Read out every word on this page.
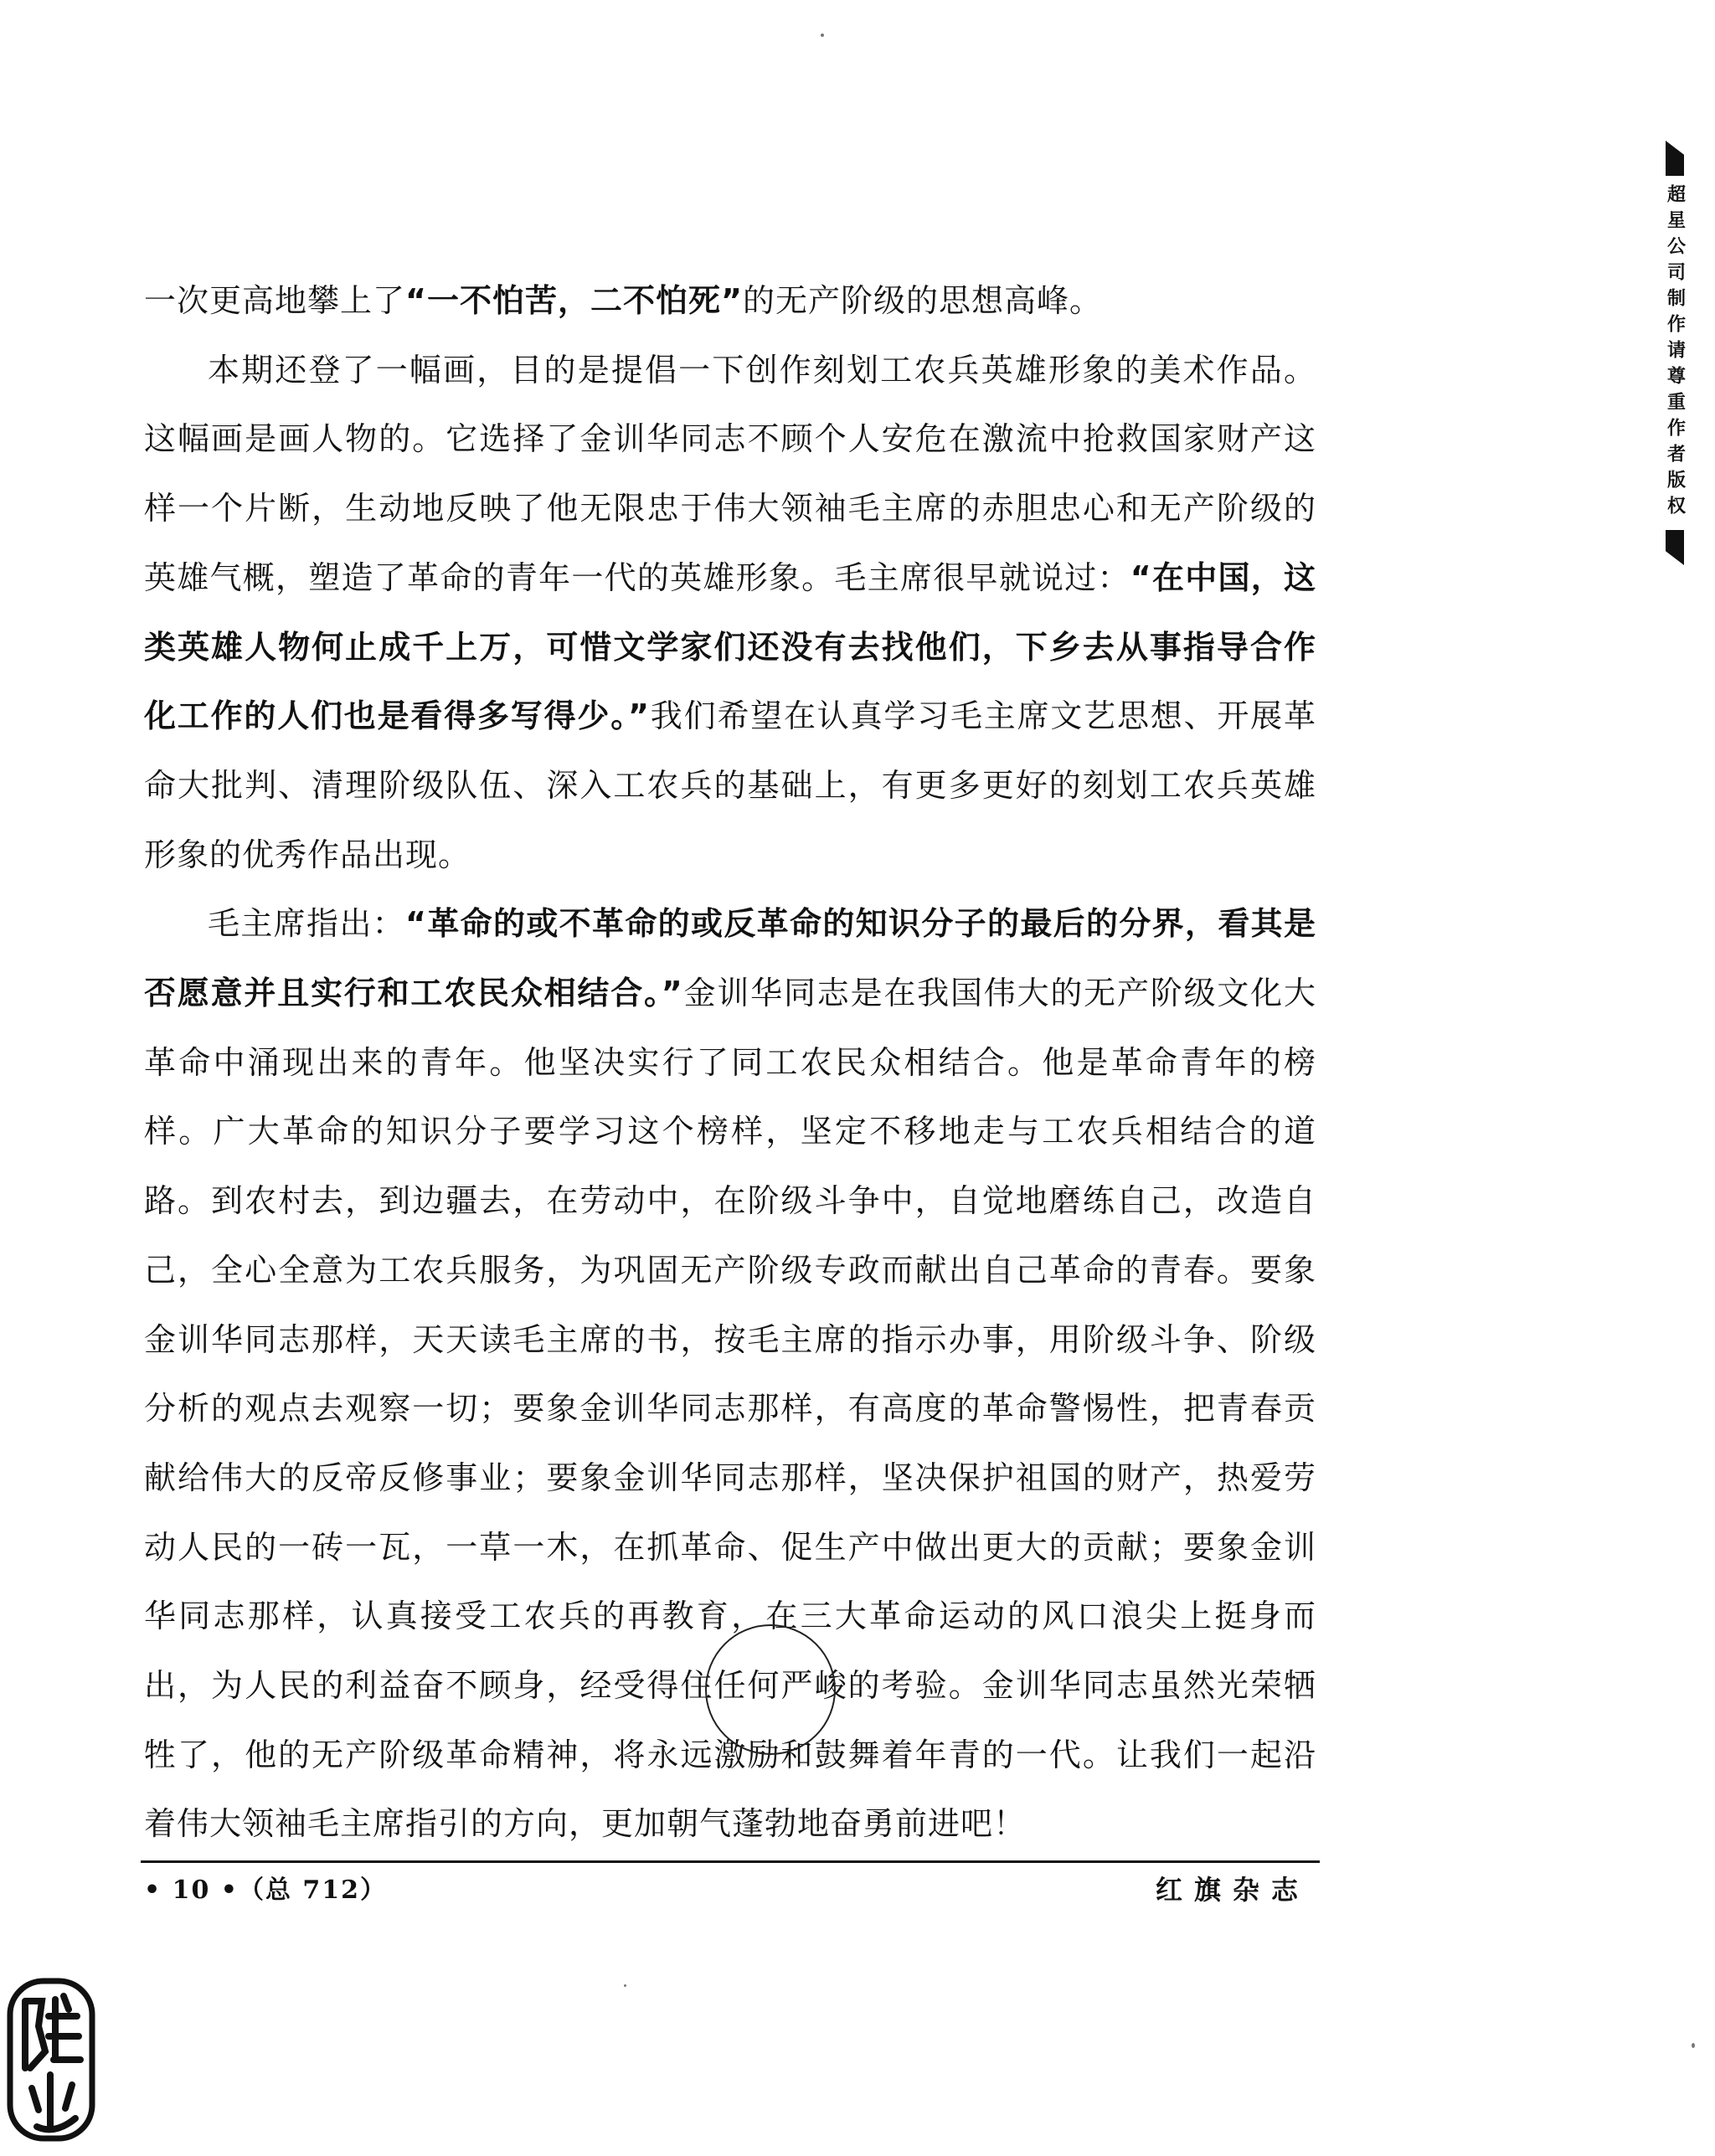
超星公司制作请尊重作者版权

一次更高地攀上了“一不怕苦，二不怕死”的无产阶级的思想高峰。

本期还登了一幅画，目的是提倡一下创作刻划工农兵英雄形象的美术作品。这幅画是画人物的。它选择了金训华同志不顾个人安危在激流中抢救国家财产这样一个片断，生动地反映了他无限忠于伟大领袖毛主席的赤胆忠心和无产阶级的英雄气概，塑造了革命的青年一代的英雄形象。毛主席很早就说过：“在中国，这类英雄人物何止成千上万，可惜文学家们还没有去找他们，下乡去从事指导合作化工作的人们也是看得多写得少。”我们希望在认真学习毛主席文艺思想、开展革命大批判、清理阶级队伍、深入工农兵的基础上，有更多更好的刻划工农兵英雄形象的优秀作品出现。

毛主席指出：“革命的或不革命的或反革命的知识分子的最后的分界，看其是否愿意并且实行和工农民众相结合。”金训华同志是在我国伟大的无产阶级文化大革命中涌现出来的青年。他坚决实行了同工农民众相结合。他是革命青年的榜样。广大革命的知识分子要学习这个榜样，坚定不移地走与工农兵相结合的道路。到农村去，到边疆去，在劳动中，在阶级斗争中，自觉地磨练自己，改造自己，全心全意为工农兵服务，为巩固无产阶级专政而献出自己革命的青春。要象金训华同志那样，天天读毛主席的书，按毛主席的指示办事，用阶级斗争、阶级分析的观点去观察一切；要象金训华同志那样，有高度的革命警惕性，把青春贡献给伟大的反帝反修事业；要象金训华同志那样，坚决保护祖国的财产，热爱劳动人民的一砖一瓦，一草一木，在抓革命、促生产中做出更大的贡献；要象金训华同志那样，认真接受工农兵的再教育，在三大革命运动的风口浪尖上挺身而出，为人民的利益奋不顾身，经受得住任何严峻的考验。金训华同志虽然光荣牺牲了，他的无产阶级革命精神，将永远激励和鼓舞着年青的一代。让我们一起沿着伟大领袖毛主席指引的方向，更加朝气蓬勃地奋勇前进吧！

• 10 •（总 712）	红旗杂志
